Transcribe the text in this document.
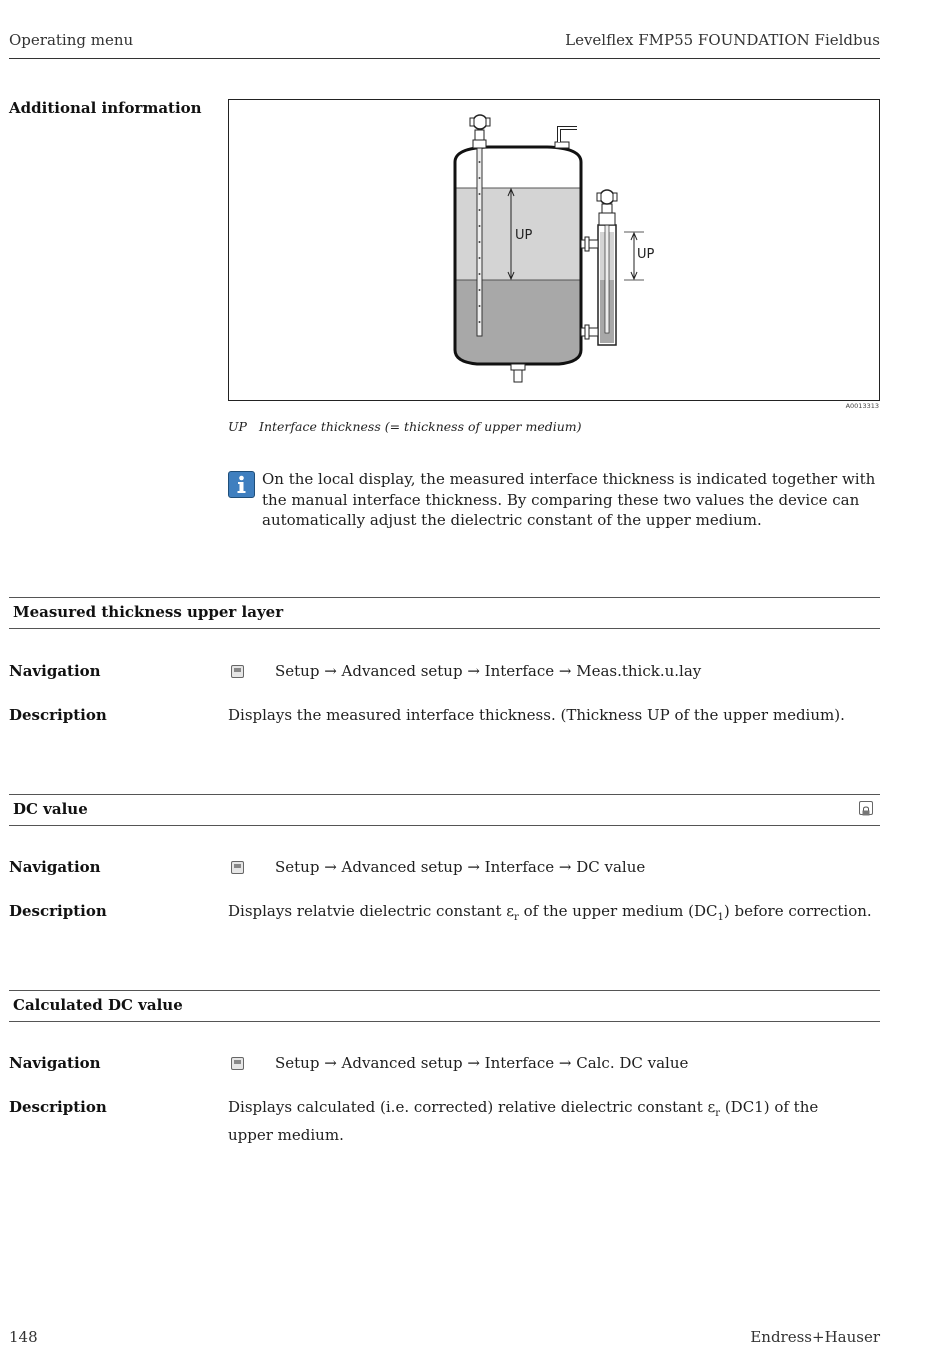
Operating menu	Levelflex FMP55 FOUNDATION Fieldbus
Additional information
UP
UP
A0013313
UP Interface thickness (= thickness of upper medium)
On the local display, the measured interface thickness is indicated together with the manual interface thickness. By comparing these two values the device can automatically adjust the dielectric constant of the upper medium.
Measured thickness upper layer
Navigation	Setup → Advanced setup → Interface → Meas.thick.u.lay
Description	Displays the measured interface thickness. (Thickness UP of the upper medium).
DC value
Navigation	Setup → Advanced setup → Interface → DC value
Description	Displays relatvie dielectric constant $\varepsilon_r$ of the upper medium $(DC_1)$ before correction.
Calculated DC value
Navigation	Setup → Advanced setup → Interface → Calc. DC value
Description	Displays calculated (i.e. corrected) relative dielectric constant $\varepsilon_r$ (DC1) of the upper medium.
148	Endress+Hauser
